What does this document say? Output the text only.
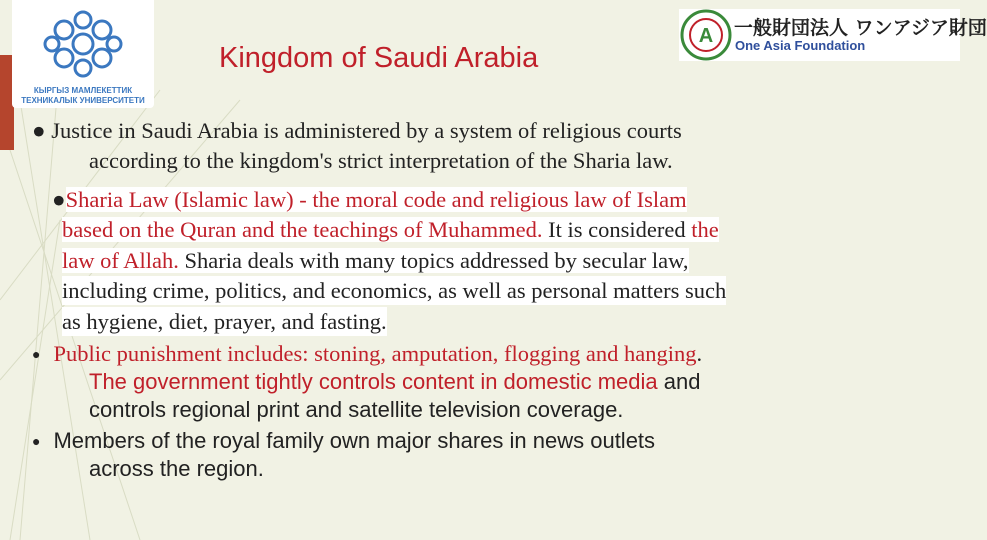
КЫРГЫЗ МАМЛЕКЕТТИК
ТЕХНИКАЛЫК УНИВЕРСИТЕТИ
A 一般財団法人 ワンアジア財団
One Asia Foundation
Kingdom of Saudi Arabia
● Justice in Saudi Arabia is administered by a system of religious courts
according to the kingdom's strict interpretation of the Sharia law.
●Sharia Law (Islamic law) - the moral code and religious law of Islam
based on the Quran and the teachings of Muhammed. It is considered the
law of Allah. Sharia deals with many topics addressed by secular law,
including crime, politics, and economics, as well as personal matters such
as hygiene, diet, prayer, and fasting.
● Public punishment includes: stoning, amputation, flogging and hanging.
The government tightly controls content in domestic media and
controls regional print and satellite television coverage.
● Members of the royal family own major shares in news outlets
across the region.
